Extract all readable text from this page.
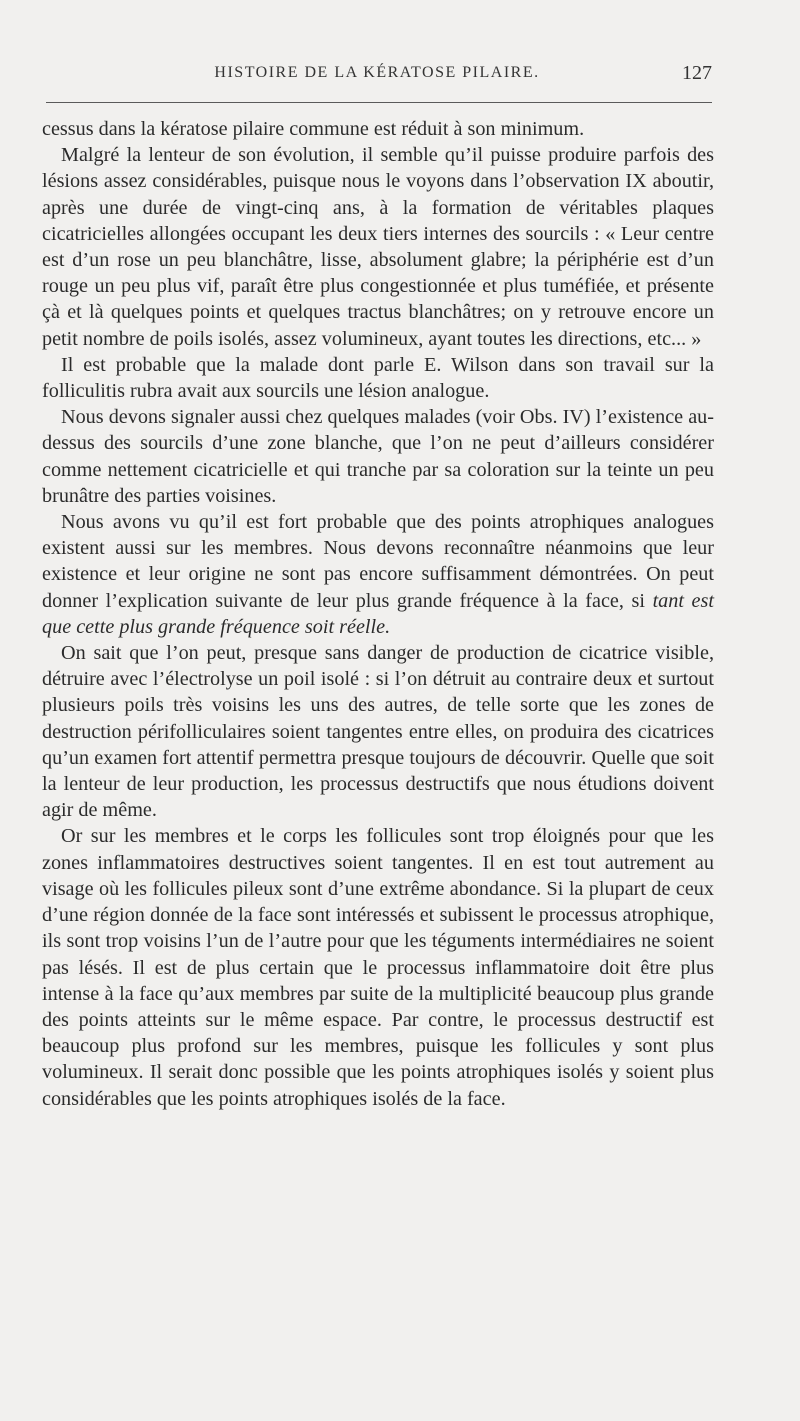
HISTOIRE DE LA KÉRATOSE PILAIRE.	127

cessus dans la kératose pilaire commune est réduit à son minimum.

Malgré la lenteur de son évolution, il semble qu’il puisse produire parfois des lésions assez considérables, puisque nous le voyons dans l’observation IX aboutir, après une durée de vingt-cinq ans, à la formation de véritables plaques cicatricielles allongées occupant les deux tiers internes des sourcils : « Leur centre est d’un rose un peu blanchâtre, lisse, absolument glabre; la périphérie est d’un rouge un peu plus vif, paraît être plus congestionnée et plus tuméfiée, et présente çà et là quelques points et quelques tractus blanchâtres; on y retrouve encore un petit nombre de poils isolés, assez volumineux, ayant toutes les directions, etc... »

Il est probable que la malade dont parle E. Wilson dans son travail sur la folliculitis rubra avait aux sourcils une lésion analogue.

Nous devons signaler aussi chez quelques malades (voir Obs. IV) l’existence au-dessus des sourcils d’une zone blanche, que l’on ne peut d’ailleurs considérer comme nettement cicatricielle et qui tranche par sa coloration sur la teinte un peu brunâtre des parties voisines.

Nous avons vu qu’il est fort probable que des points atrophiques analogues existent aussi sur les membres. Nous devons reconnaître néanmoins que leur existence et leur origine ne sont pas encore suffisamment démontrées. On peut donner l’explication suivante de leur plus grande fréquence à la face, si tant est que cette plus grande fréquence soit réelle.

On sait que l’on peut, presque sans danger de production de cicatrice visible, détruire avec l’électrolyse un poil isolé : si l’on détruit au contraire deux et surtout plusieurs poils très voisins les uns des autres, de telle sorte que les zones de destruction périfolliculaires soient tangentes entre elles, on produira des cicatrices qu’un examen fort attentif permettra presque toujours de découvrir. Quelle que soit la lenteur de leur production, les processus destructifs que nous étudions doivent agir de même.

Or sur les membres et le corps les follicules sont trop éloignés pour que les zones inflammatoires destructives soient tangentes. Il en est tout autrement au visage où les follicules pileux sont d’une extrême abondance. Si la plupart de ceux d’une région donnée de la face sont intéressés et subissent le processus atrophique, ils sont trop voisins l’un de l’autre pour que les téguments intermédiaires ne soient pas lésés. Il est de plus certain que le processus inflammatoire doit être plus intense à la face qu’aux membres par suite de la multiplicité beaucoup plus grande des points atteints sur le même espace. Par contre, le processus destructif est beaucoup plus profond sur les membres, puisque les follicules y sont plus volumineux. Il serait donc possible que les points atrophiques isolés y soient plus considérables que les points atrophiques isolés de la face.
